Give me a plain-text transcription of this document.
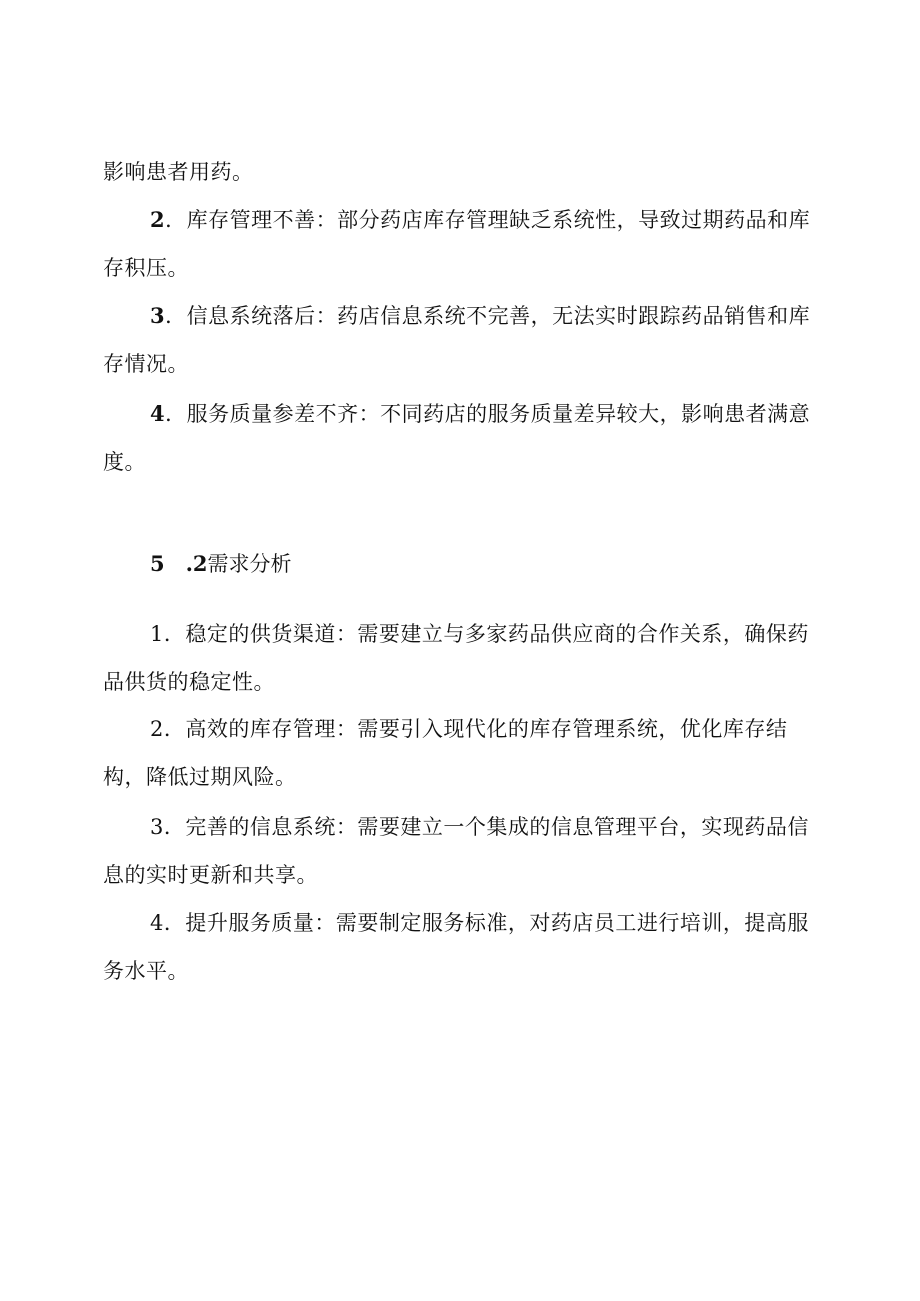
影响患者用药。

2．库存管理不善：部分药店库存管理缺乏系统性，导致过期药品和库存积压。

3．信息系统落后：药店信息系统不完善，无法实时跟踪药品销售和库存情况。

4．服务质量参差不齐：不同药店的服务质量差异较大，影响患者满意度。

5　.2需求分析

1．稳定的供货渠道：需要建立与多家药品供应商的合作关系，确保药品供货的稳定性。

2．高效的库存管理：需要引入现代化的库存管理系统，优化库存结构，降低过期风险。

3．完善的信息系统：需要建立一个集成的信息管理平台，实现药品信息的实时更新和共享。

4．提升服务质量：需要制定服务标准，对药店员工进行培训，提高服务水平。
